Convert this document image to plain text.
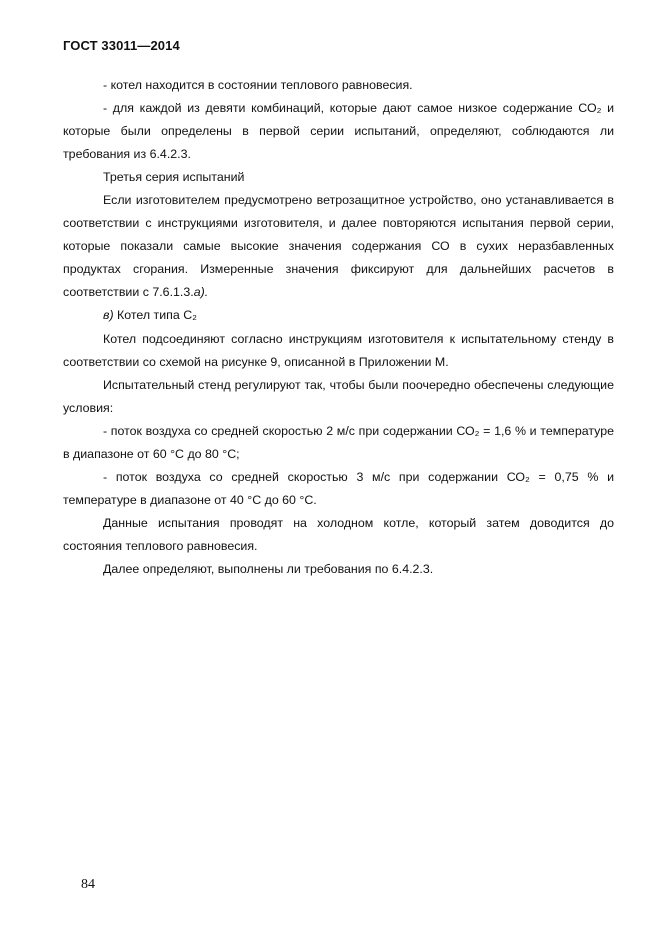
ГОСТ 33011—2014

- котел находится в состоянии теплового равновесия.

- для каждой из девяти комбинаций, которые дают самое низкое содержание СО₂ и которые были определены в первой серии испытаний, определяют, соблюдаются ли требования из 6.4.2.3.

Третья серия испытаний

Если изготовителем предусмотрено ветрозащитное устройство, оно устанавливается в соответствии с инструкциями изготовителя, и далее повторяются испытания первой серии, которые показали самые высокие значения содержания СО в сухих неразбавленных продуктах сгорания. Измеренные значения фиксируют для дальнейших расчетов в соответствии с 7.6.1.3.а).

в) Котел типа С₂

Котел подсоединяют согласно инструкциям изготовителя к испытательному стенду в соответствии со схемой на рисунке 9, описанной в Приложении М.

Испытательный стенд регулируют так, чтобы были поочередно обеспечены следующие условия:

- поток воздуха со средней скоростью 2 м/с при содержании СО₂ = 1,6 % и температуре в диапазоне от 60 °С до 80 °С;

- поток воздуха со средней скоростью 3 м/с при содержании СО₂ = 0,75 % и температуре в диапазоне от 40 °С до 60 °С.

Данные испытания проводят на холодном котле, который затем доводится до состояния теплового равновесия.

Далее определяют, выполнены ли требования по 6.4.2.3.

84
